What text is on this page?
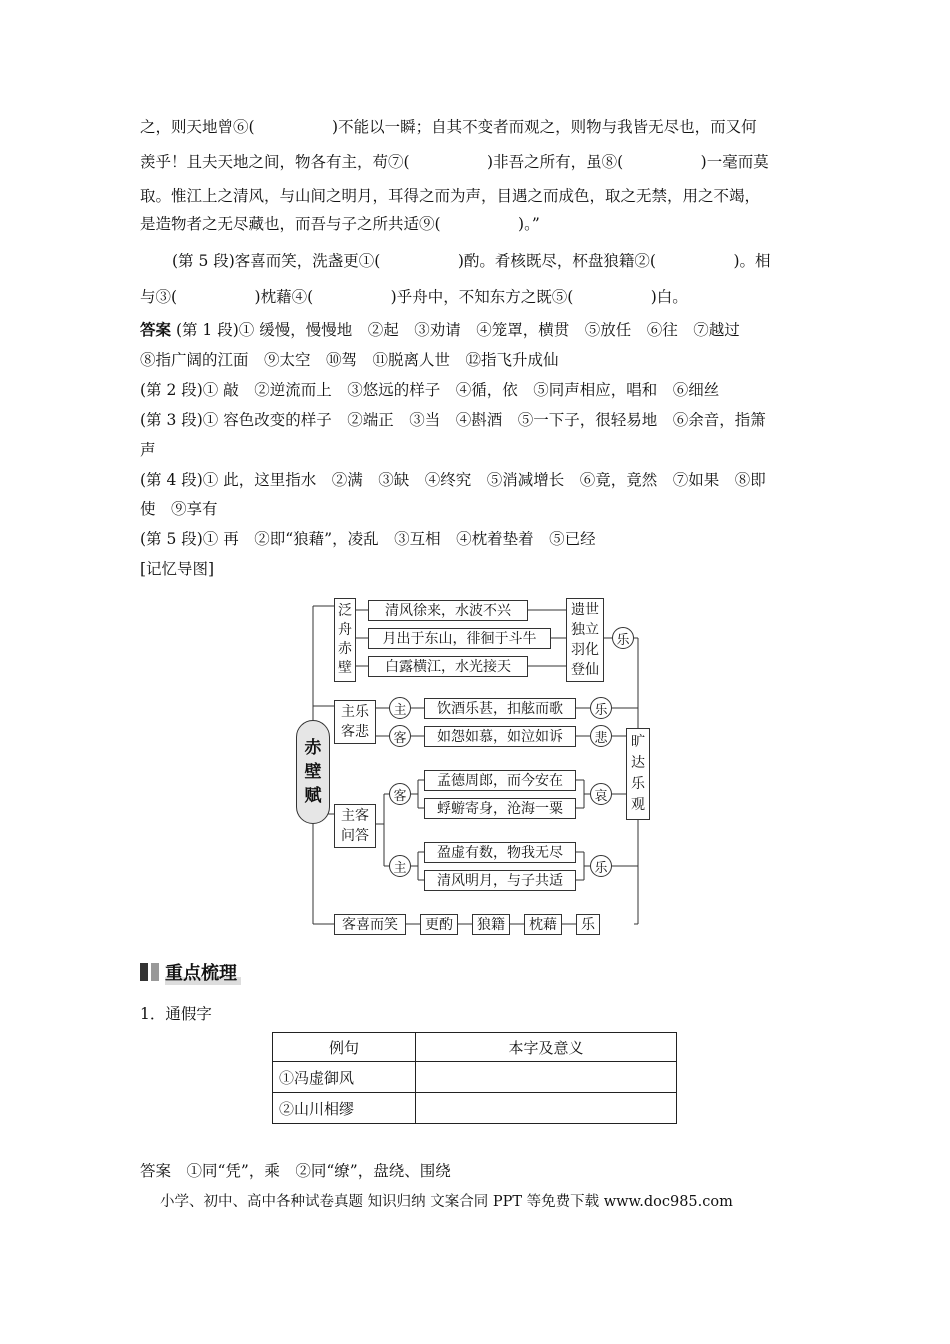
之，则天地曾⑥(　　　　　)不能以一瞬；自其不变者而观之，则物与我皆无尽也，而又何
羡乎！且夫天地之间，物各有主，苟⑦(　　　　　)非吾之所有，虽⑧(　　　　　)一毫而莫
取。惟江上之清风，与山间之明月，耳得之而为声，目遇之而成色，取之无禁，用之不竭，
是造物者之无尽藏也，而吾与子之所共适⑨(　　　　　)。”
(第 5 段)客喜而笑，洗盏更①(　　　　　)酌。肴核既尽，杯盘狼籍②(　　　　　)。相
与③(　　　　　)枕藉④(　　　　　)乎舟中，不知东方之既⑤(　　　　　)白。
答案 (第 1 段)① 缓慢，慢慢地　②起　③劝请　④笼罩，横贯　⑤放任　⑥往　⑦越过
⑧指广阔的江面　⑨太空　⑩驾　⑪脱离人世　⑫指飞升成仙
(第 2 段)① 敲　②逆流而上　③悠远的样子　④循，依　⑤同声相应，唱和　⑥细丝
(第 3 段)① 容色改变的样子　②端正　③当　④斟酒　⑤一下子，很轻易地　⑥余音，指箫
声
(第 4 段)① 此，这里指水　②满　③缺　④终究　⑤消减增长　⑥竟，竟然　⑦如果　⑧即
使　⑨享有
(第 5 段)① 再　②即“狼藉”，凌乱　③互相　④枕着垫着　⑤已经
[记忆导图]
赤
壁
赋
泛
舟
赤
壁
清风徐来，水波不兴
月出于东山，徘徊于斗牛
白露横江，水光接天
遗世
独立
羽化
登仙
乐
主乐
客悲
主
客
饮酒乐甚，扣舷而歌
如怨如慕，如泣如诉
乐
悲	旷
达
乐
观
主客
问答
客
孟德周郎，而今安在
蜉蝣寄身，沧海一粟
哀
主
盈虚有数，物我无尽
清风明月，与子共适
乐
客喜而笑	更酌	狼籍	枕藉	乐
重点梳理
1．通假字
例句	本字及意义
①冯虚御风	
②山川相缪	
答案　①同“凭”，乘　②同“缭”，盘绕、围绕
小学、初中、高中各种试卷真题 知识归纳 文案合同 PPT 等免费下载 www.doc985.com
